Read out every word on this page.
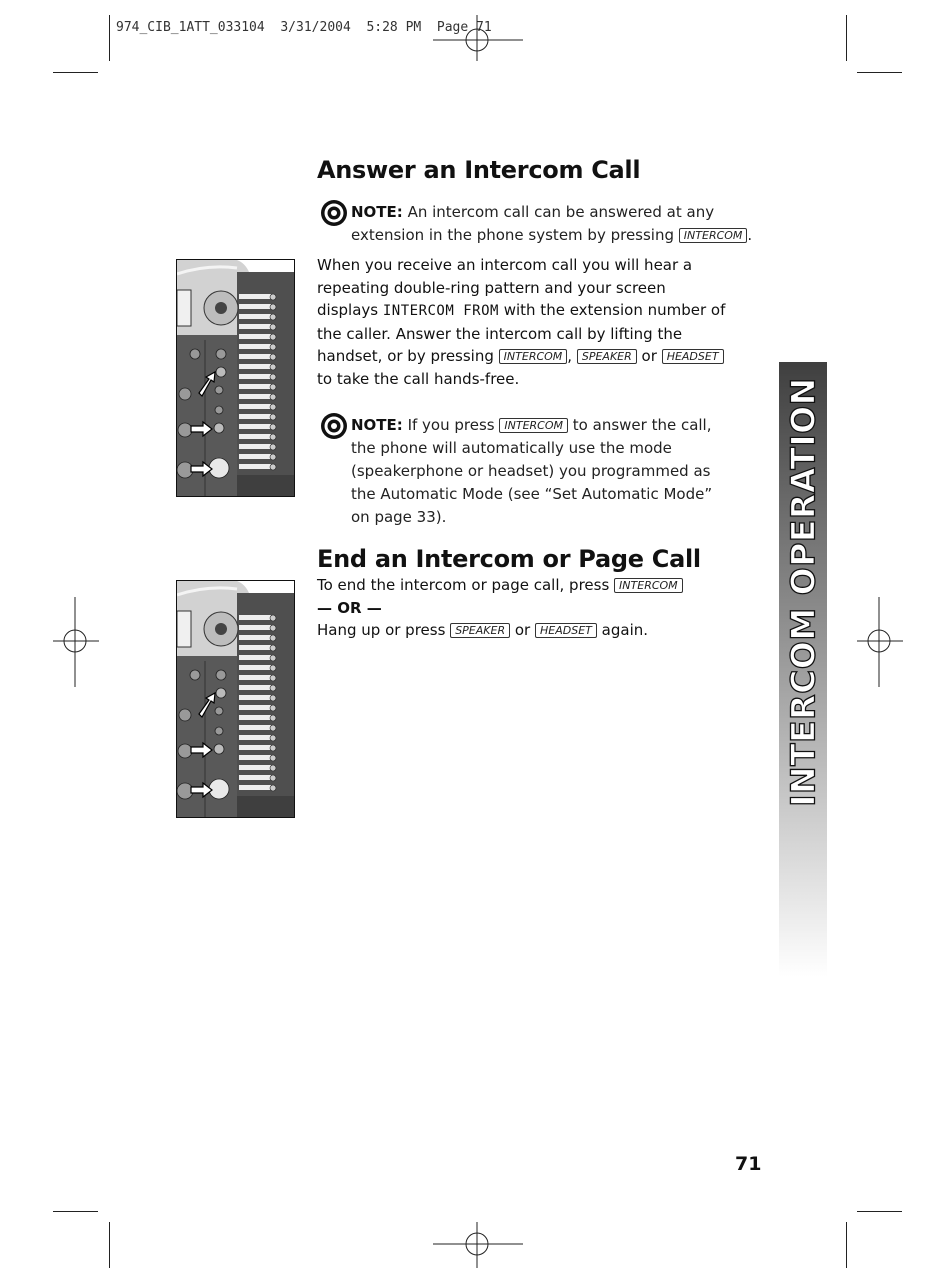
974_CIB_1ATT_033104  3/31/2004  5:28 PM  Page 71
INTERCOM OPERATION
Answer an Intercom Call
NOTE: An intercom call can be answered at any extension in the phone system by pressing INTERCOM .
When you receive an intercom call you will hear a repeating double-ring pattern and your screen displays INTERCOM FROM with the extension number of the caller. Answer the intercom call by lifting the handset, or by pressing INTERCOM , SPEAKER or HEADSET to take the call hands-free.
NOTE: If you press INTERCOM to answer the call, the phone will automatically use the mode (speakerphone or headset) you programmed as the Automatic Mode (see “Set Automatic Mode” on page 33).
End an Intercom or Page Call
To end the intercom or page call, press INTERCOM
— OR —
Hang up or press SPEAKER or HEADSET again.
71
